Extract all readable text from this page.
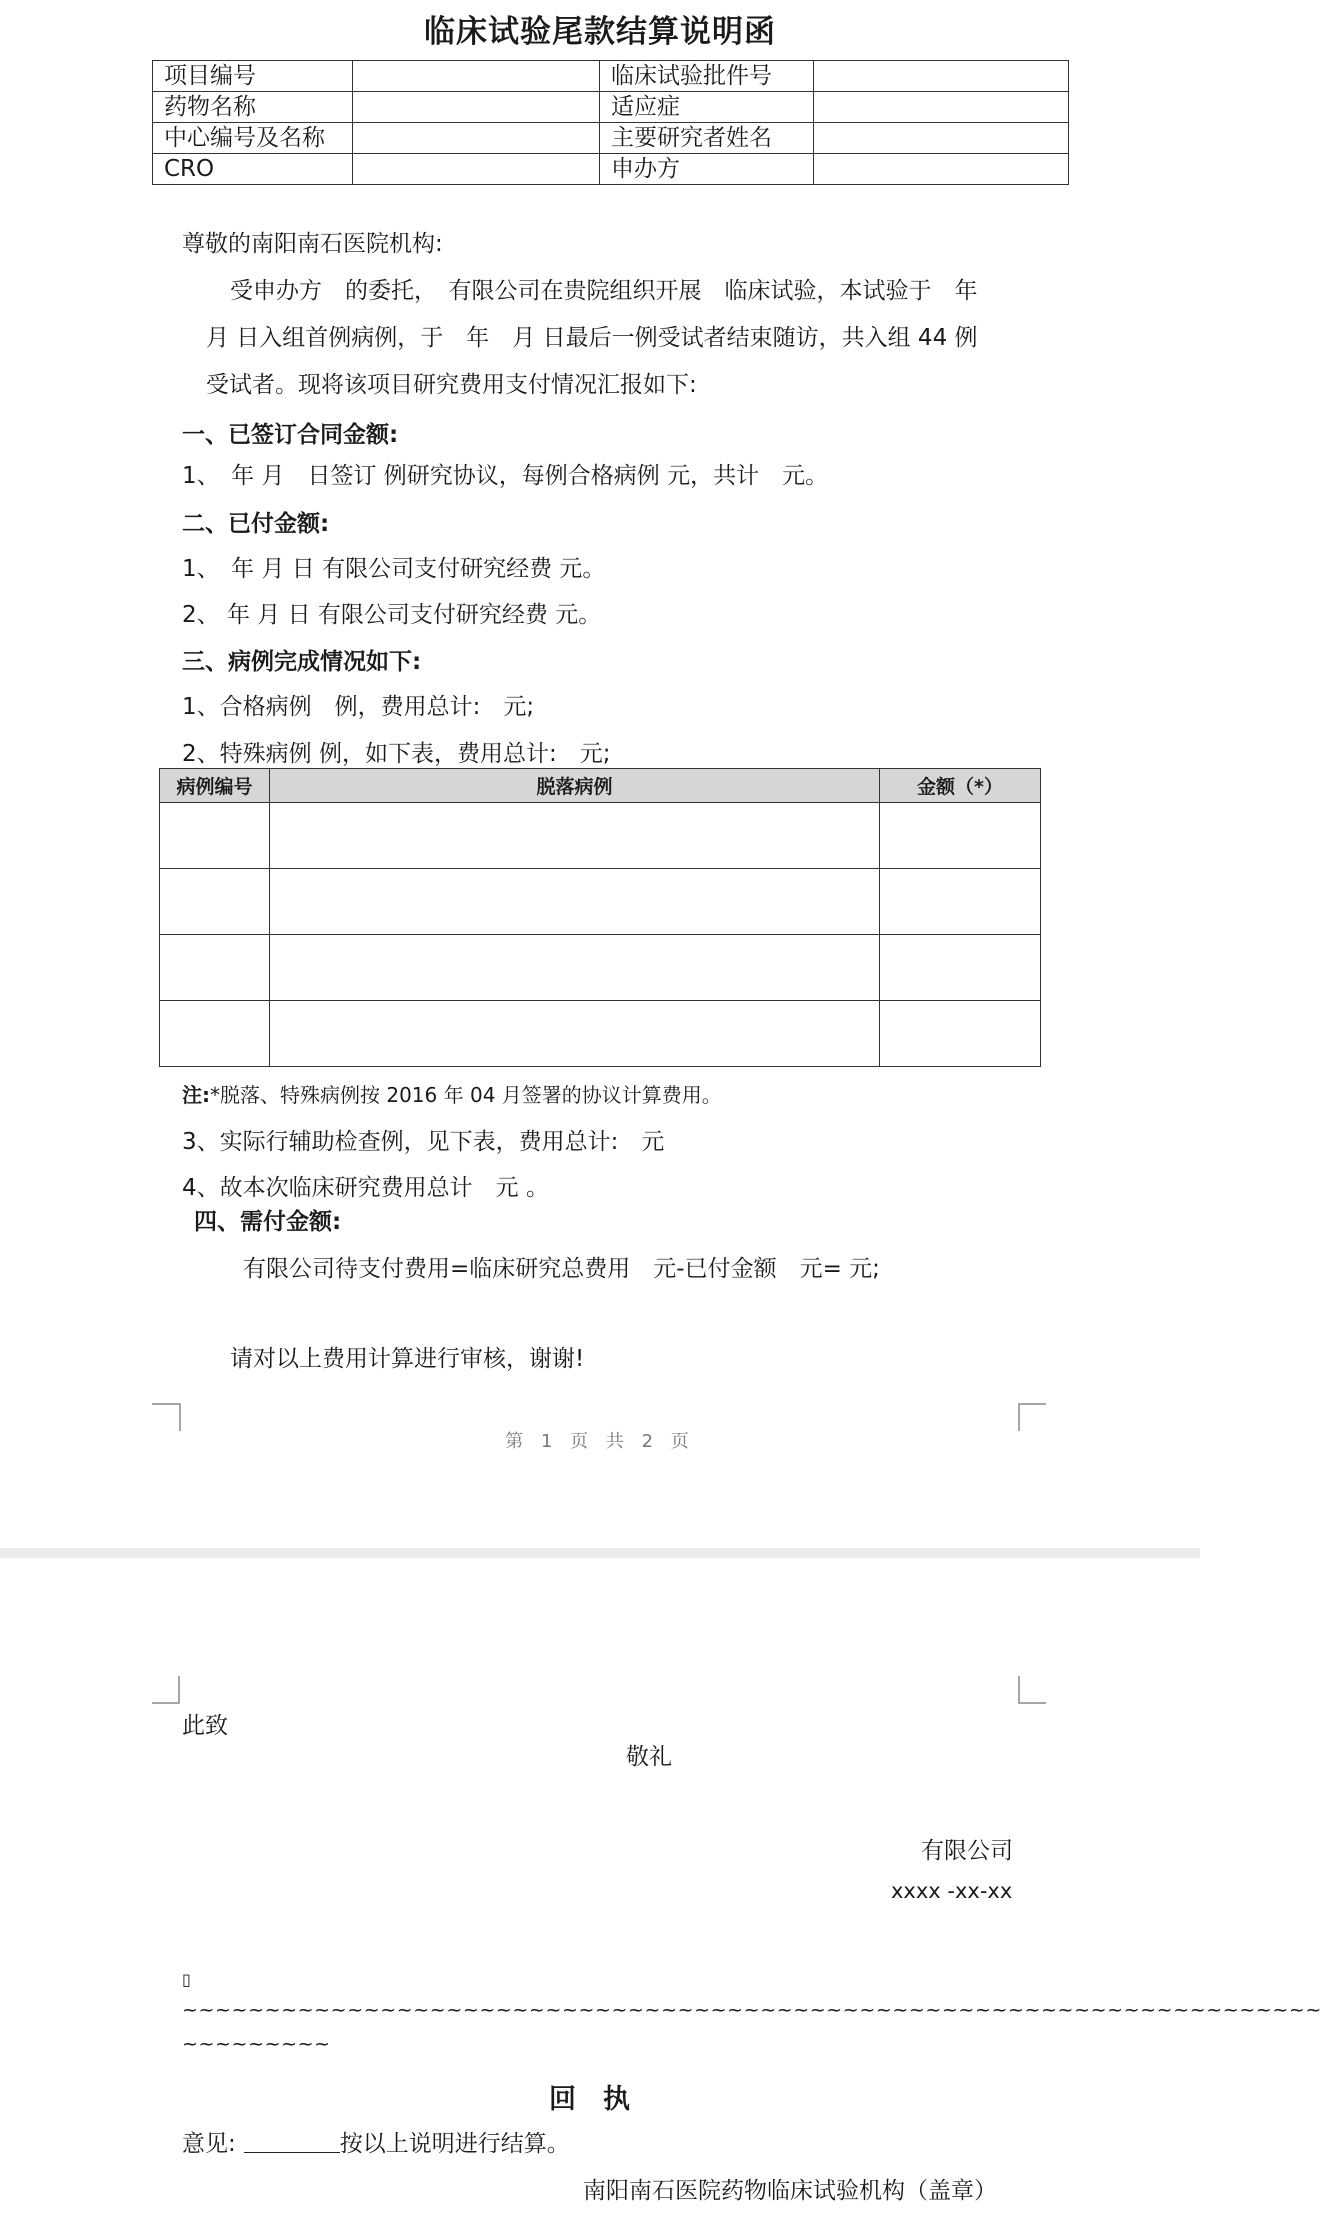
临床试验尾款结算说明函
项目编号		临床试验批件号	
药物名称		适应症	
中心编号及名称		主要研究者姓名	
CRO		申办方	
尊敬的南阳南石医院机构:
受申办方　的委托，　有限公司在贵院组织开展　临床试验，本试验于　年
月 日入组首例病例，于　年　月 日最后一例受试者结束随访，共入组 44 例
受试者。现将该项目研究费用支付情况汇报如下:
一、已签订合同金额:
1、　年 月　日签订 例研究协议，每例合格病例 元，共计　元。
二、已付金额:
1、　年 月 日 有限公司支付研究经费 元。
2、 年 月 日 有限公司支付研究经费 元。
三、病例完成情况如下:
1、合格病例　例，费用总计:　元;
2、特殊病例 例，如下表，费用总计:　元;
病例编号	脱落病例	金额（*）

注:*脱落、特殊病例按 2016 年 04 月签署的协议计算费用。
3、实际行辅助检查例，见下表，费用总计:　元
4、故本次临床研究费用总计　元 。
四、需付金额:
有限公司待支付费用=临床研究总费用　元-已付金额　元= 元;
请对以上费用计算进行审核，谢谢!
第 1 页 共 2 页
此致
敬礼
有限公司
xxxx -xx-xx
▯
~~~~~~~~~~~~~~~~~~~~~~~~~~~~~~~~~~~~~~~~~~~~~~~~~~~~~~~~~~~~~~~~~~~~~
~~~~~~~~~
回　执
意见:	按以上说明进行结算。
南阳南石医院药物临床试验机构（盖章）
